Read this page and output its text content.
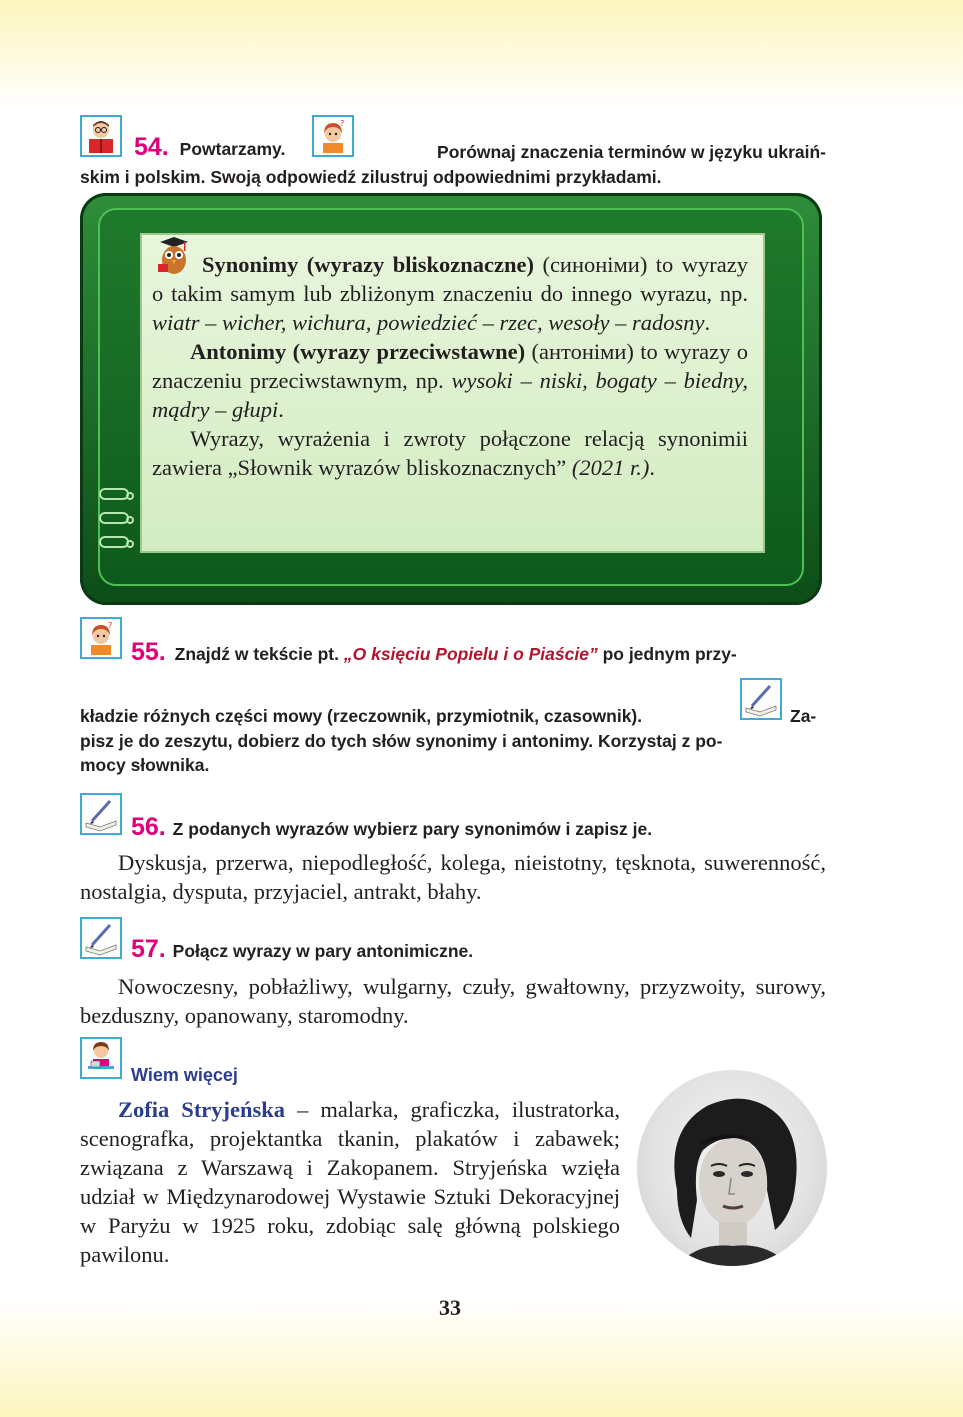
54. Powtarzamy.
?
Porównaj znaczenia terminów w języku ukraiń-
skim i polskim. Swoją odpowiedź zilustruj odpowiednimi przykładami.

Synonimy (wyrazy bliskoznaczne) (синоніми) to wyrazy o takim samym lub zbliżonym znaczeniu do innego wyrazu, np. wiatr – wicher, wichura, powiedzieć – rzec, wesoły – radosny.

Antonimy (wyrazy przeciwstawne) (антоніми) to wyrazy o znaczeniu przeciwstawnym, np. wysoki – niski, bogaty – biedny, mądry – głupi.

Wyrazy, wyrażenia i zwroty połączone relacją synonimii zawiera „Słownik wyrazów bliskoznacznych” (2021 r.).

?
55. Znajdź w tekście pt. „O księciu Popielu i o Piaście” po jednym przy-
kładzie różnych części mowy (rzeczownik, przymiotnik, czasownik).	Za-
pisz je do zeszytu, dobierz do tych słów synonimy i antonimy. Korzystaj z po-
mocy słownika.
56. Z podanych wyrazów wybierz pary synonimów i zapisz je.
Dyskusja, przerwa, niepodległość, kolega, nieistotny, tęsknota, suwerenność, nostalgia, dysputa, przyjaciel, antrakt, błahy.
57. Połącz wyrazy w pary antonimiczne.
Nowoczesny, pobłażliwy, wulgarny, czuły, gwałtowny, przyzwoity, surowy, bezduszny, opanowany, staromodny.
Wiem więcej
Zofia Stryjeńska – malarka, graficzka, ilustratorka, scenografka, projektantka tkanin, plakatów i zabawek; związana z Warszawą i Zakopanem. Stryjeńska wzięła udział w Międzynarodowej Wystawie Sztuki Dekoracyjnej w Paryżu w 1925 roku, zdobiąc salę główną polskiego pawilonu.
33
